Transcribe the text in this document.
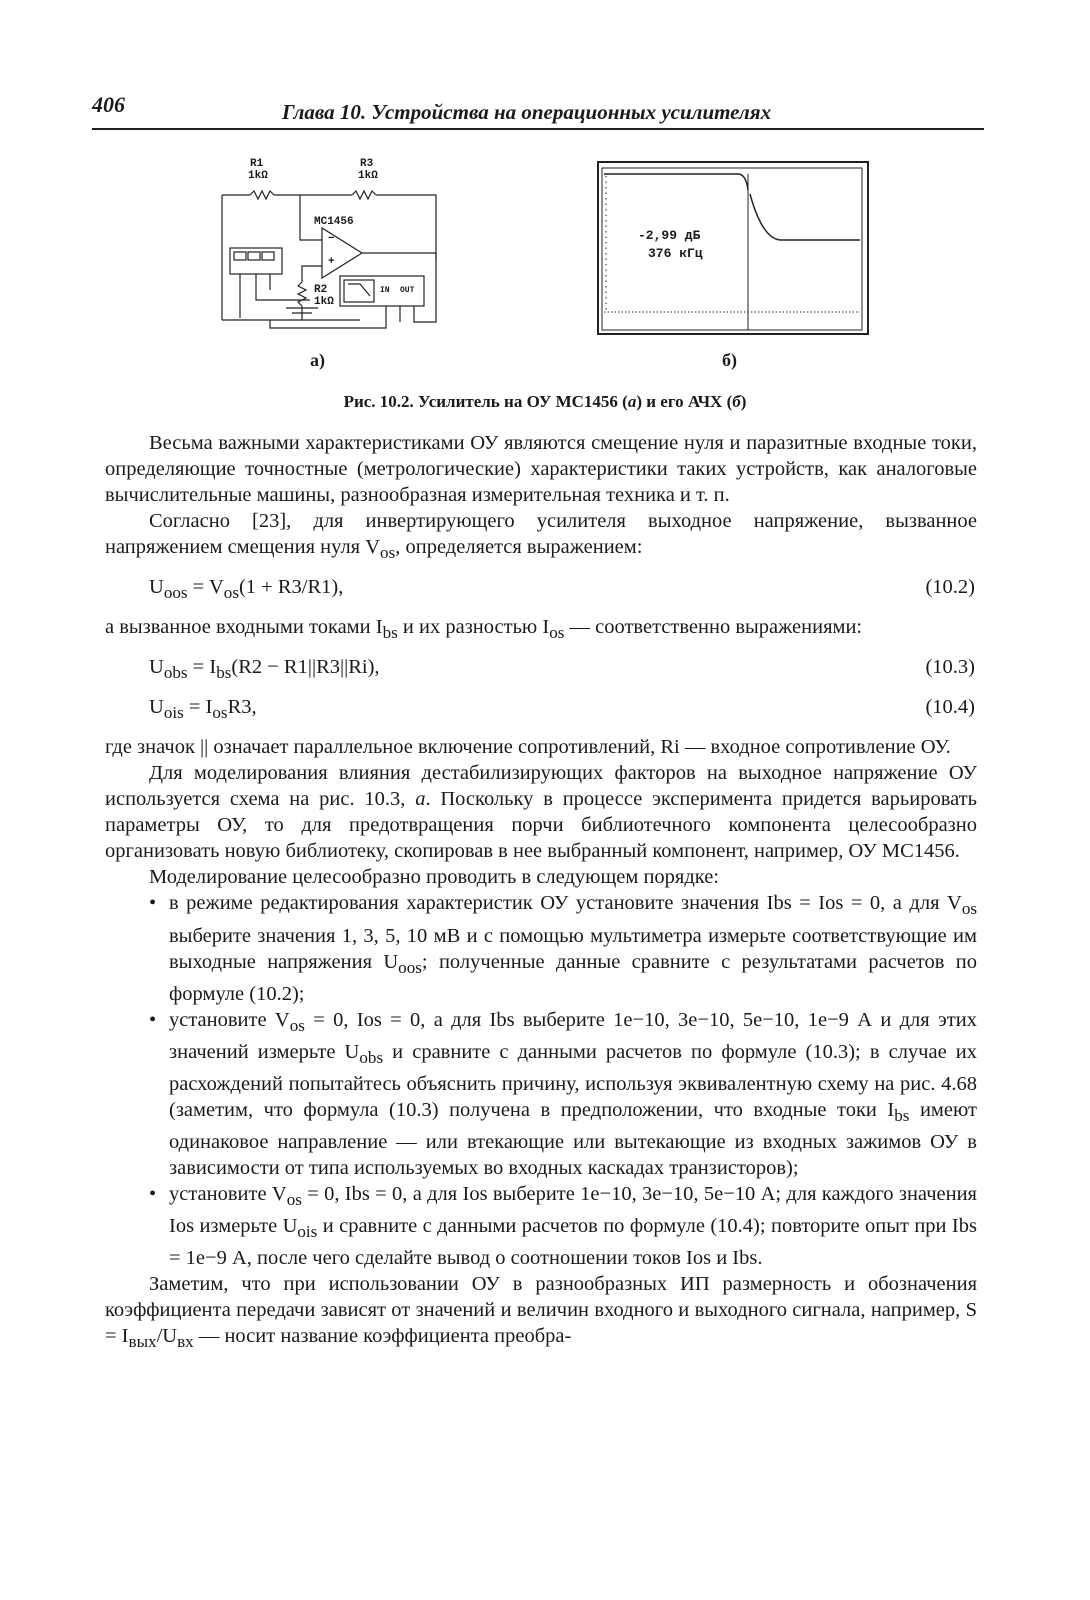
406	Глава 10. Устройства на операционных усилителях
R1
1kΩ
R3
1kΩ
MC1456
−
+
R2
1kΩ
IN OUT
-2,99 дБ
376 кГц
а)	б)
Рис. 10.2. Усилитель на ОУ МС1456 (а) и его АЧХ (б)

Весьма важными характеристиками ОУ являются смещение нуля и паразитные входные токи, определяющие точностные (метрологические) характеристики таких устройств, как аналоговые вычислительные машины, разнообразная измерительная техника и т. п.

Согласно [23], для инвертирующего усилителя выходное напряжение, вызванное напряжением смещения нуля $V_{os}$, определяется выражением:

$U_{oos} = V_{os}(1 + R3/R1)$,	(10.2)

а вызванное входными токами $I_{bs}$ и их разностью $I_{os}$ — соответственно выражениями:

$U_{obs} = I_{bs}(R2 - R1||R3||Ri)$,	(10.3)
$U_{ois} = I_{os}R3$,	(10.4)

где значок || означает параллельное включение сопротивлений, Ri — входное сопротивление ОУ.

Для моделирования влияния дестабилизирующих факторов на выходное напряжение ОУ используется схема на рис. 10.3, а. Поскольку в процессе эксперимента придется варьировать параметры ОУ, то для предотвращения порчи библиотечного компонента целесообразно организовать новую библиотеку, скопировав в нее выбранный компонент, например, ОУ МС1456.

Моделирование целесообразно проводить в следующем порядке:

• в режиме редактирования характеристик ОУ установите значения Ibs = Ios = 0, а для $V_{os}$ выберите значения 1, 3, 5, 10 мВ и с помощью мультиметра измерьте соответствующие им выходные напряжения $U_{oos}$; полученные данные сравните с результатами расчетов по формуле (10.2);
• установите $V_{os} = 0$, Ios = 0, а для Ibs выберите 1e−10, 3e−10, 5e−10, 1e−9 А и для этих значений измерьте $U_{obs}$ и сравните с данными расчетов по формуле (10.3); в случае их расхождений попытайтесь объяснить причину, используя эквивалентную схему на рис. 4.68 (заметим, что формула (10.3) получена в предположении, что входные токи $I_{bs}$ имеют одинаковое направление — или втекающие или вытекающие из входных зажимов ОУ в зависимости от типа используемых во входных каскадах транзисторов);
• установите $V_{os} = 0$, Ibs = 0, а для Ios выберите 1e−10, 3e−10, 5e−10 А; для каждого значения Ios измерьте $U_{ois}$ и сравните с данными расчетов по формуле (10.4); повторите опыт при Ibs = 1e−9 А, после чего сделайте вывод о соотношении токов Ios и Ibs.

Заметим, что при использовании ОУ в разнообразных ИП размерность и обозначения коэффициента передачи зависят от значений и величин входного и выходного сигнала, например, $S = I_{вых}/U_{вх}$ — носит название коэффициента преобра-
